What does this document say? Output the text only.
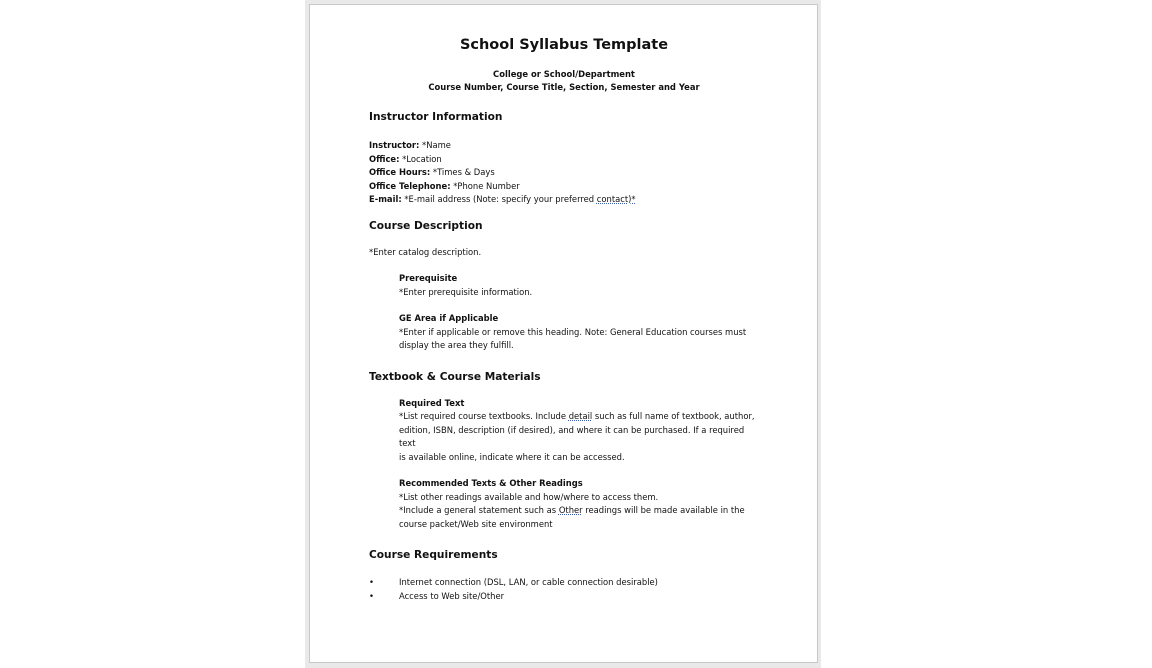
School Syllabus Template
College or School/Department
Course Number, Course Title, Section, Semester and Year
Instructor Information
Instructor: *Name
Office: *Location
Office Hours: *Times & Days
Office Telephone: *Phone Number
E-mail: *E-mail address (Note: specify your preferred contact)*
Course Description
*Enter catalog description.
Prerequisite
*Enter prerequisite information.
GE Area if Applicable
*Enter if applicable or remove this heading. Note: General Education courses must
display the area they fulfill.
Textbook & Course Materials
Required Text
*List required course textbooks. Include detail such as full name of textbook, author,
edition, ISBN, description (if desired), and where it can be purchased. If a required text
is available online, indicate where it can be accessed.
Recommended Texts & Other Readings
*List other readings available and how/where to access them.
*Include a general statement such as Other readings will be made available in the
course packet/Web site environment
Course Requirements
•	Internet connection (DSL, LAN, or cable connection desirable)
•	Access to Web site/Other
